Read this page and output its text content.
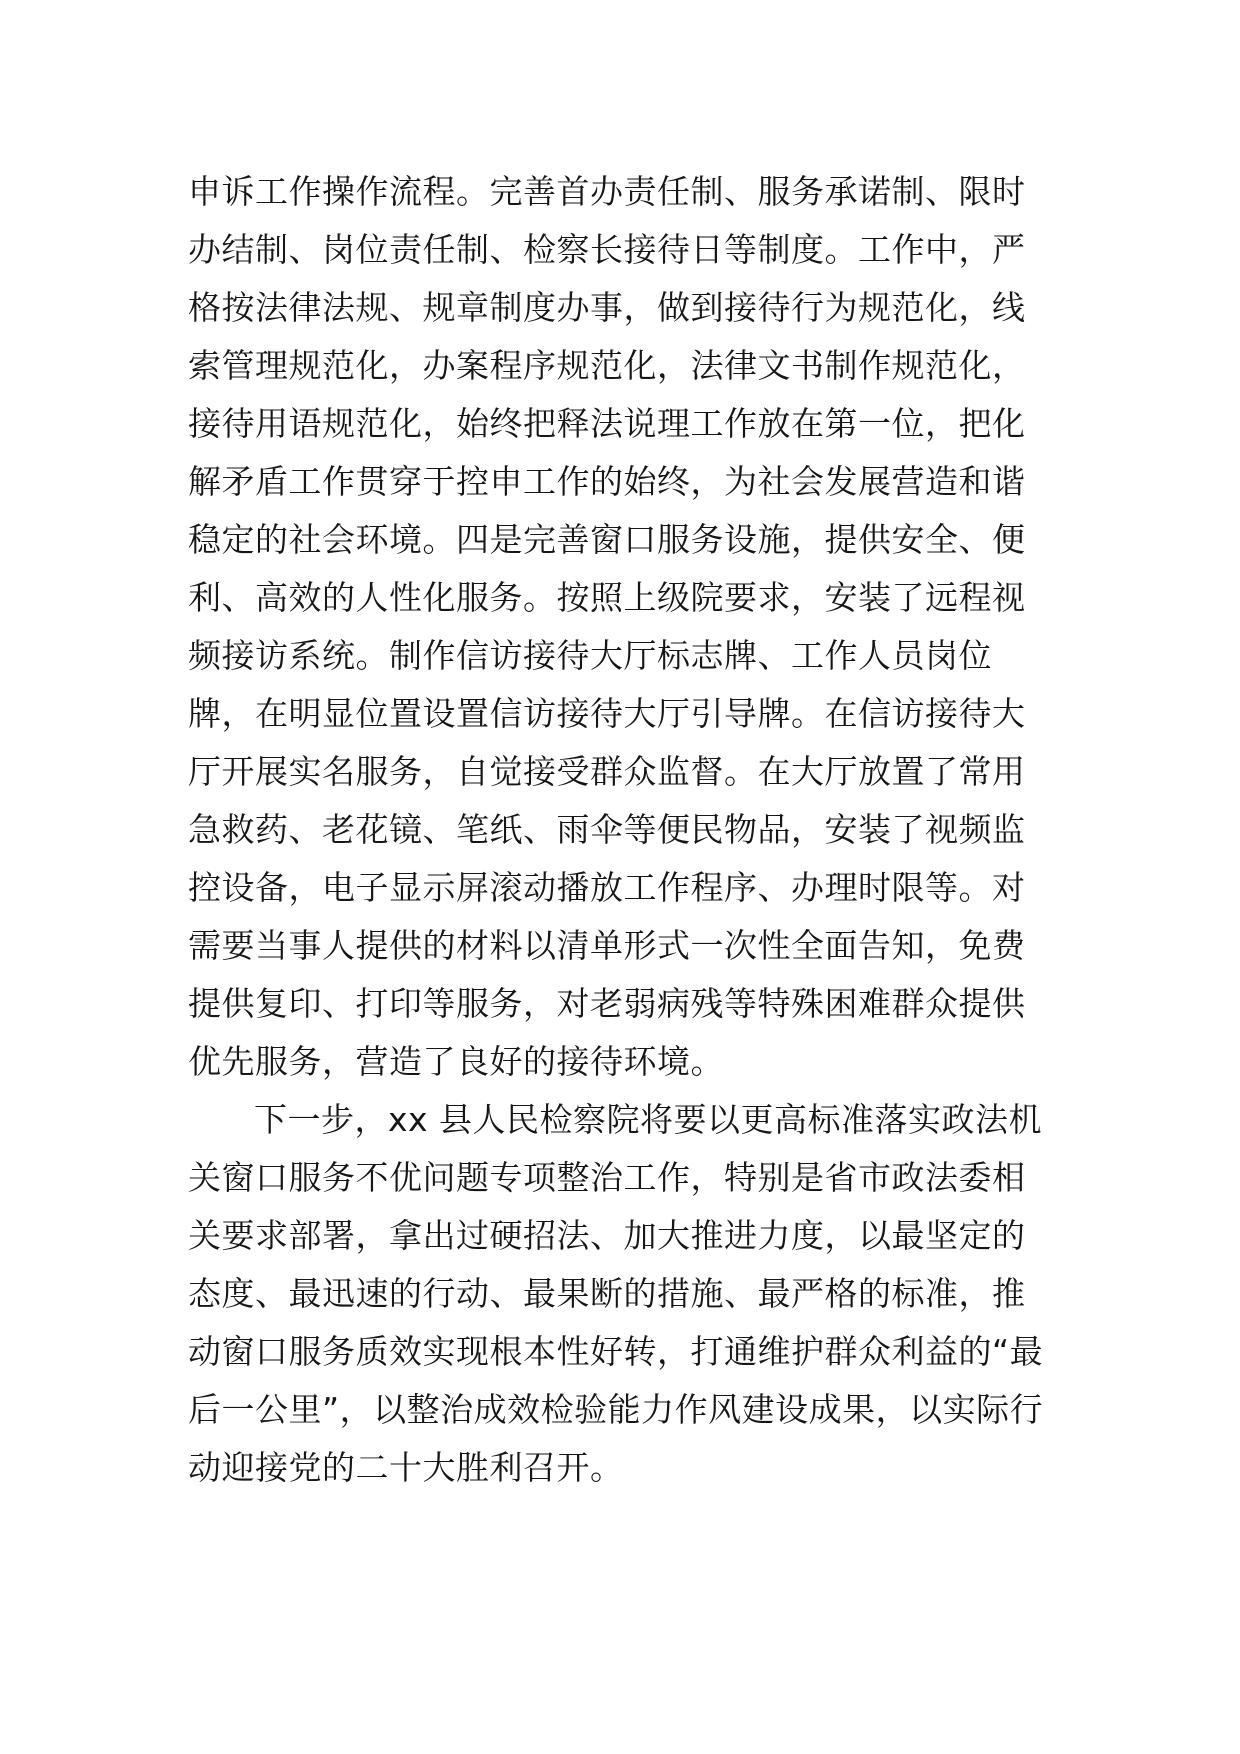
申诉工作操作流程。完善首办责任制、服务承诺制、限时
办结制、岗位责任制、检察长接待日等制度。工作中，严
格按法律法规、规章制度办事，做到接待行为规范化，线
索管理规范化，办案程序规范化，法律文书制作规范化，
接待用语规范化，始终把释法说理工作放在第一位，把化
解矛盾工作贯穿于控申工作的始终，为社会发展营造和谐
稳定的社会环境。四是完善窗口服务设施，提供安全、便
利、高效的人性化服务。按照上级院要求，安装了远程视
频接访系统。制作信访接待大厅标志牌、工作人员岗位
牌，在明显位置设置信访接待大厅引导牌。在信访接待大
厅开展实名服务，自觉接受群众监督。在大厅放置了常用
急救药、老花镜、笔纸、雨伞等便民物品，安装了视频监
控设备，电子显示屏滚动播放工作程序、办理时限等。对
需要当事人提供的材料以清单形式一次性全面告知，免费
提供复印、打印等服务，对老弱病残等特殊困难群众提供
优先服务，营造了良好的接待环境。
下一步，xx 县人民检察院将要以更高标准落实政法机
关窗口服务不优问题专项整治工作，特别是省市政法委相
关要求部署，拿出过硬招法、加大推进力度，以最坚定的
态度、最迅速的行动、最果断的措施、最严格的标准，推
动窗口服务质效实现根本性好转，打通维护群众利益的“最
后一公里”，以整治成效检验能力作风建设成果，以实际行
动迎接党的二十大胜利召开。
